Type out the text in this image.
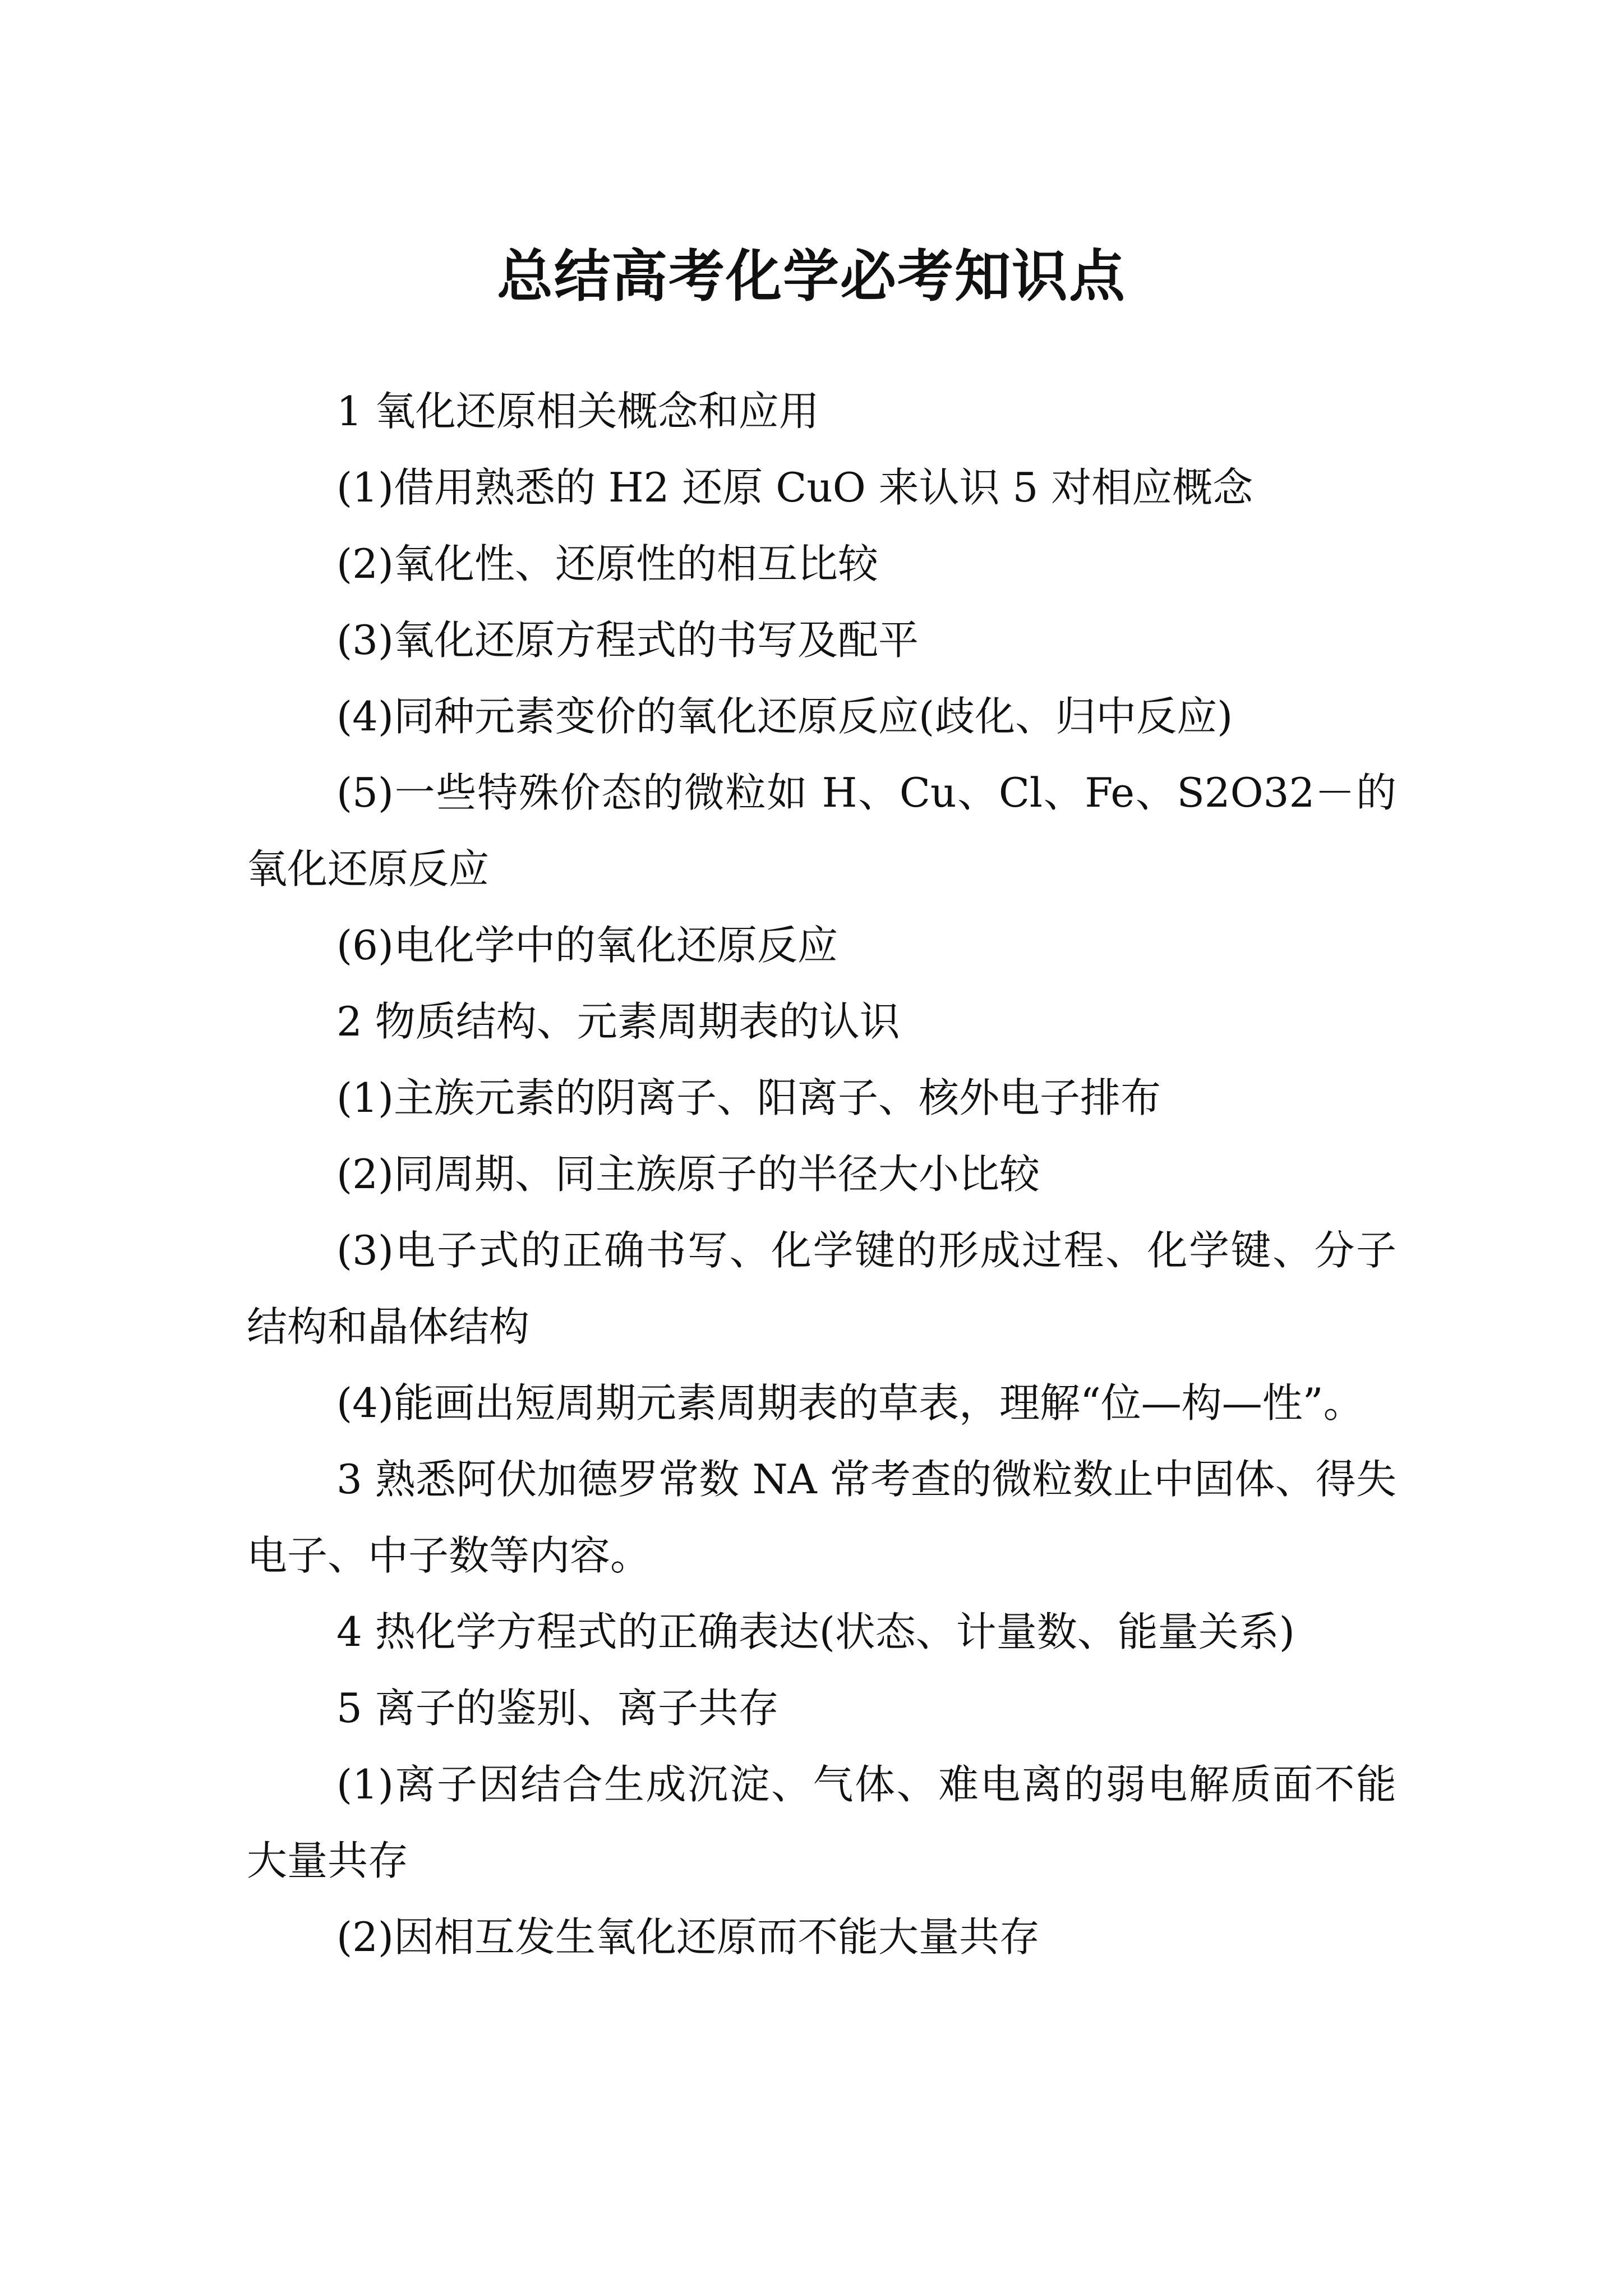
总结高考化学必考知识点

1 氧化还原相关概念和应用

(1)借用熟悉的 H2 还原 CuO 来认识 5 对相应概念

(2)氧化性、还原性的相互比较

(3)氧化还原方程式的书写及配平

(4)同种元素变价的氧化还原反应(歧化、归中反应)

(5)一些特殊价态的微粒如 H、Cu、Cl、Fe、S2O32－的氧化还原反应

(6)电化学中的氧化还原反应

2 物质结构、元素周期表的认识

(1)主族元素的阴离子、阳离子、核外电子排布

(2)同周期、同主族原子的半径大小比较

(3)电子式的正确书写、化学键的形成过程、化学键、分子结构和晶体结构

(4)能画出短周期元素周期表的草表，理解“位—构—性”。

3 熟悉阿伏加德罗常数 NA 常考查的微粒数止中固体、得失电子、中子数等内容。

4 热化学方程式的正确表达(状态、计量数、能量关系)

5 离子的鉴别、离子共存

(1)离子因结合生成沉淀、气体、难电离的弱电解质面不能大量共存

(2)因相互发生氧化还原而不能大量共存
